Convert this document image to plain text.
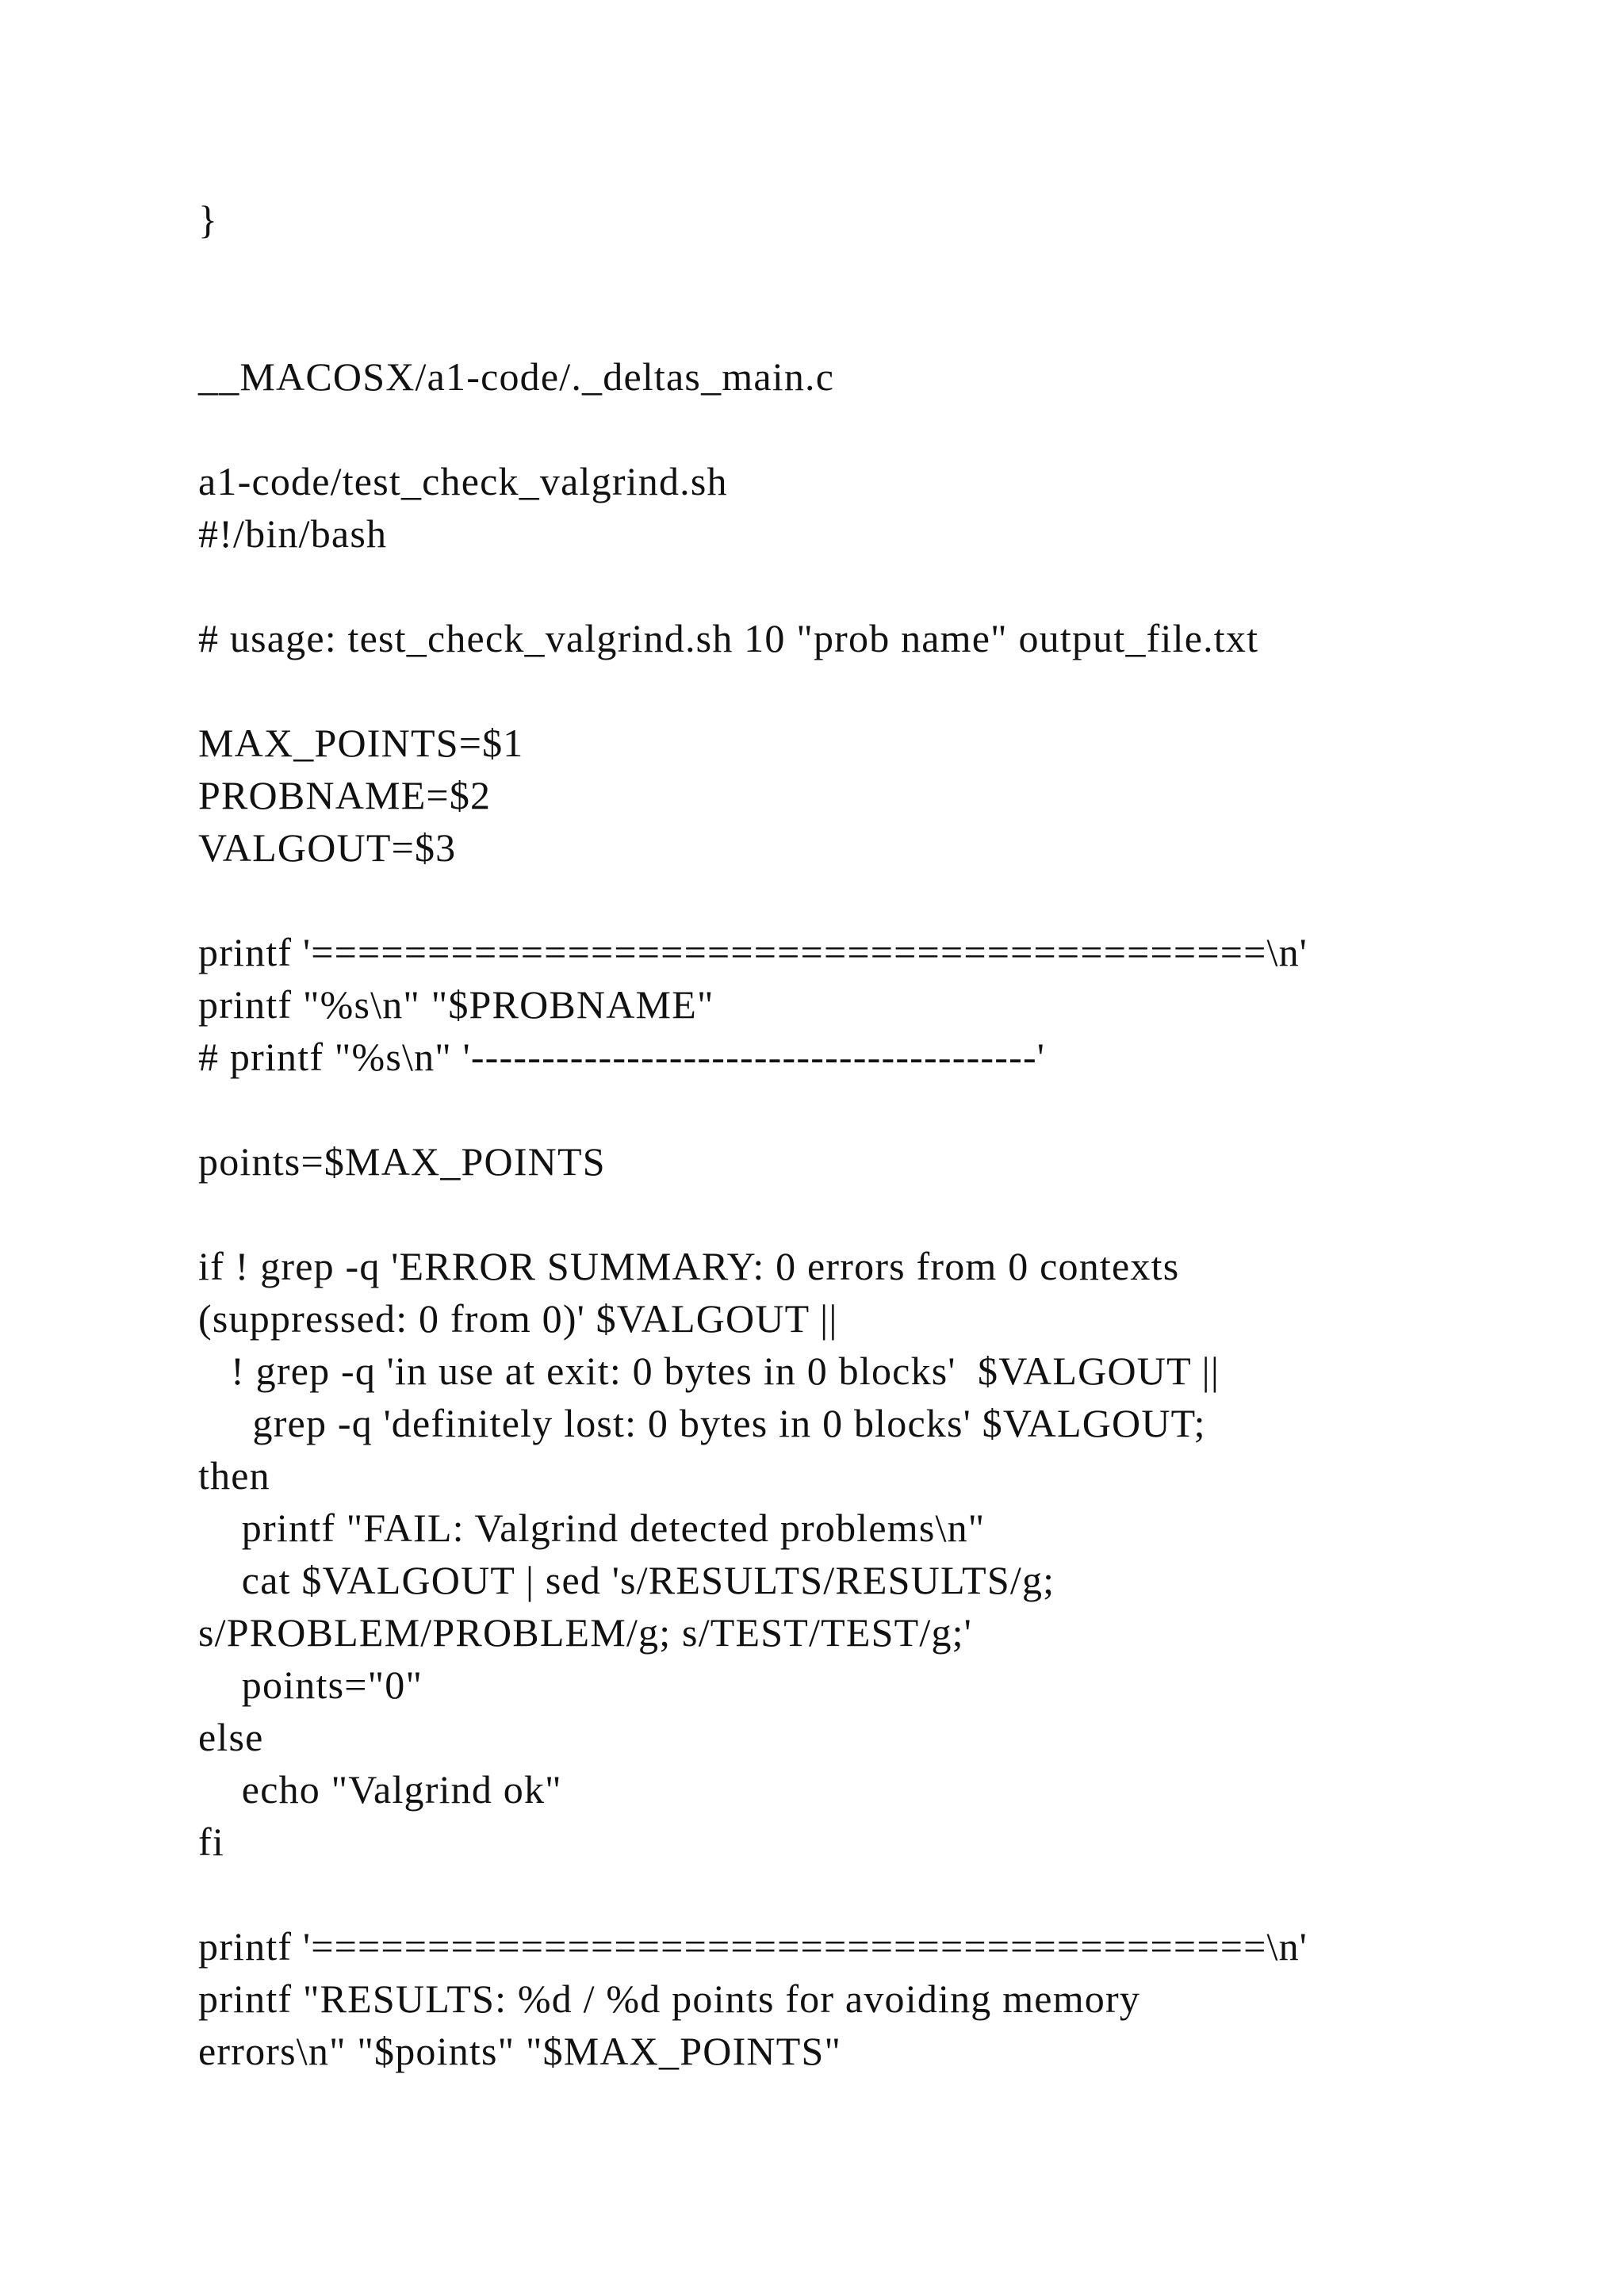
}
__MACOSX/a1-code/._deltas_main.c
a1-code/test_check_valgrind.sh
#!/bin/bash
# usage: test_check_valgrind.sh 10 "prob name" output_file.txt
MAX_POINTS=$1
PROBNAME=$2
VALGOUT=$3
printf '=========================================\n'
printf "%s\n" "$PROBNAME"
# printf "%s\n" '----------------------------------------'
points=$MAX_POINTS
if ! grep -q 'ERROR SUMMARY: 0 errors from 0 contexts
(suppressed: 0 from 0)' $VALGOUT ||
! grep -q 'in use at exit: 0 bytes in 0 blocks'  $VALGOUT ||
grep -q 'definitely lost: 0 bytes in 0 blocks' $VALGOUT;
then
printf "FAIL: Valgrind detected problems\n"
cat $VALGOUT | sed 's/RESULTS/RESULTS/g;
s/PROBLEM/PROBLEM/g; s/TEST/TEST/g;'
points="0"
else
echo "Valgrind ok"
fi
printf '=========================================\n'
printf "RESULTS: %d / %d points for avoiding memory
errors\n" "$points" "$MAX_POINTS"
